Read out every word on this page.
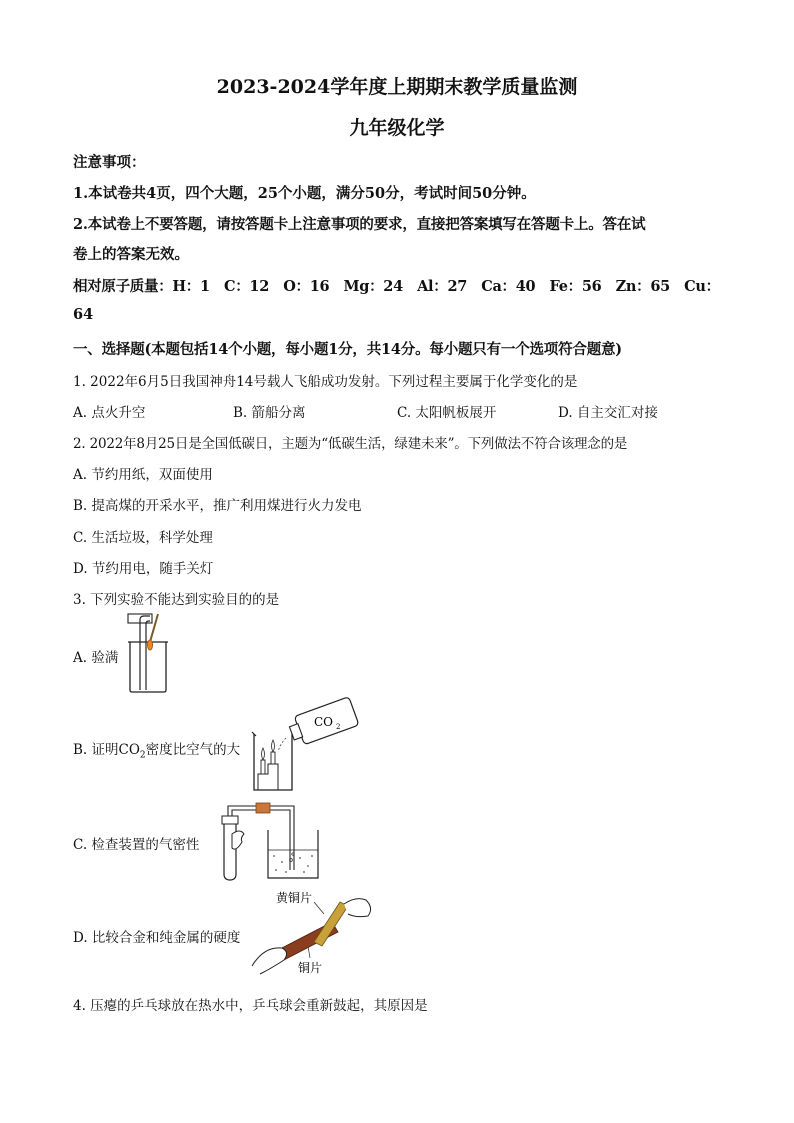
2023-2024学年度上期期末教学质量监测
九年级化学
注意事项：
1.本试卷共4页，四个大题，25个小题，满分50分，考试时间50分钟。
2.本试卷上不要答题，请按答题卡上注意事项的要求，直接把答案填写在答题卡上。答在试
卷上的答案无效。
相对原子质量：H：1　C：12　O：16　Mg：24　Al：27　Ca：40　Fe：56　Zn：65　Cu：
64
一、选择题(本题包括14个小题，每小题1分，共14分。每小题只有一个选项符合题意)
1. 2022年6月5日我国神舟14号载人飞船成功发射。下列过程主要属于化学变化的是
A. 点火升空	B. 箭船分离	C. 太阳帆板展开	D. 自主交汇对接
2. 2022年8月25日是全国低碳日，主题为“低碳生活，绿建未来”。下列做法不符合该理念的是
A. 节约用纸，双面使用
B. 提高煤的开采水平，推广利用煤进行火力发电
C. 生活垃圾，科学处理
D. 节约用电，随手关灯
3. 下列实验不能达到实验目的的是
A. 验满
B. 证明$CO_2$密度比空气的大
CO 2
C. 检查装置的气密性
D. 比较合金和纯金属的硬度
黄铜片
铜片
4. 压瘪的乒乓球放在热水中，乒乓球会重新鼓起，其原因是
